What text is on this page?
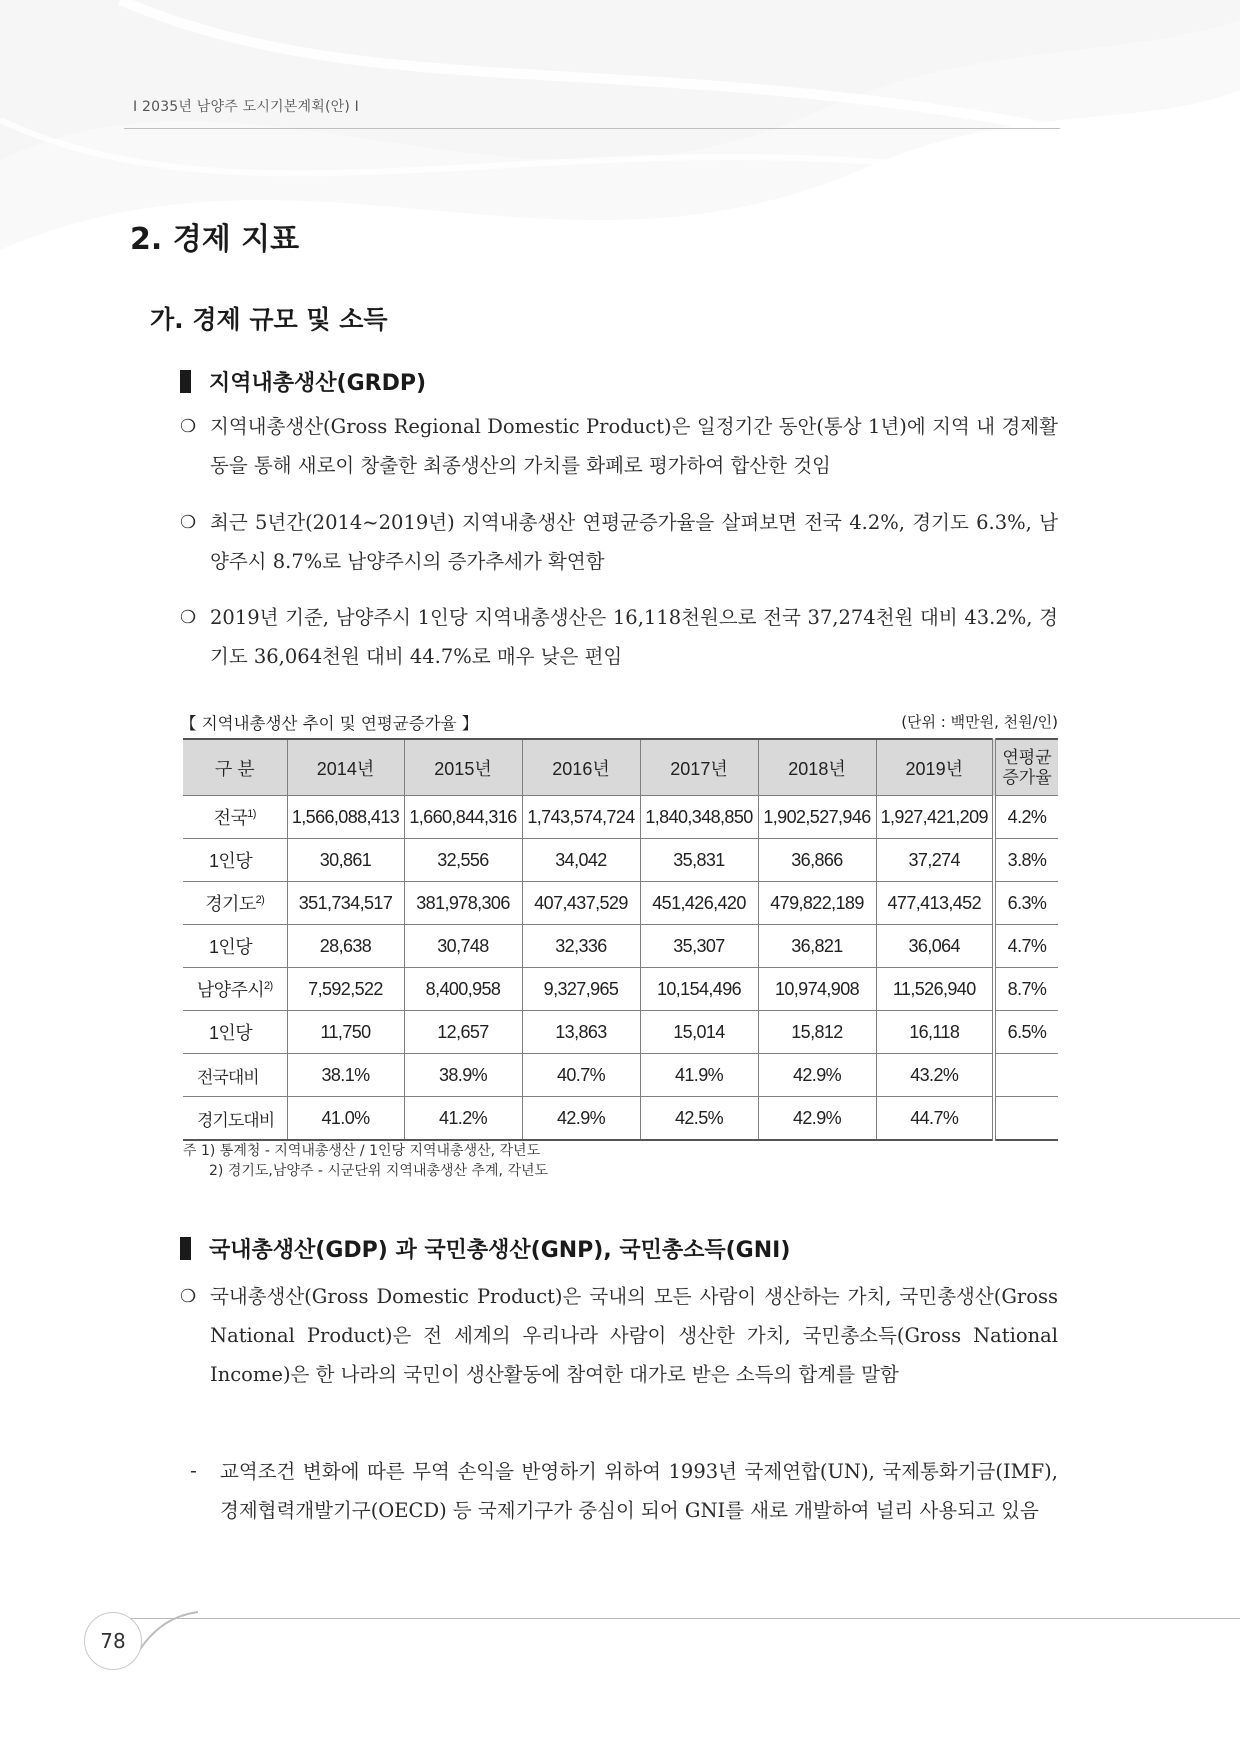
Ⅰ 2035년 남양주 도시기본계획(안) Ⅰ
2. 경제 지표
가. 경제 규모 및 소득
지역내총생산(GRDP)
❍ 지역내총생산(Gross Regional Domestic Product)은 일정기간 동안(통상 1년)에 지역 내 경제활동을 통해 새로이 창출한 최종생산의 가치를 화폐로 평가하여 합산한 것임
❍ 최근 5년간(2014~2019년) 지역내총생산 연평균증가율을 살펴보면 전국 4.2%, 경기도 6.3%, 남양주시 8.7%로 남양주시의 증가추세가 확연함
❍ 2019년 기준, 남양주시 1인당 지역내총생산은 16,118천원으로 전국 37,274천원 대비 43.2%, 경기도 36,064천원 대비 44.7%로 매우 낮은 편임
【 지역내총생산 추이 및 연평균증가율 】	(단위 : 백만원, 천원/인)
구 분	2014년	2015년	2016년	2017년	2018년	2019년	연평균
증가율
전국$^{1)}$	1,566,088,413	1,660,844,316	1,743,574,724	1,840,348,850	1,902,527,946	1,927,421,209	4.2%
1인당	30,861	32,556	34,042	35,831	36,866	37,274	3.8%
경기도$^{2)}$	351,734,517	381,978,306	407,437,529	451,426,420	479,822,189	477,413,452	6.3%
1인당	28,638	30,748	32,336	35,307	36,821	36,064	4.7%
남양주시$^{2)}$	7,592,522	8,400,958	9,327,965	10,154,496	10,974,908	11,526,940	8.7%
1인당	11,750	12,657	13,863	15,014	15,812	16,118	6.5%
전국대비	38.1%	38.9%	40.7%	41.9%	42.9%	43.2%	
경기도대비	41.0%	41.2%	42.9%	42.5%	42.9%	44.7%	
주 1) 통계청 - 지역내총생산 / 1인당 지역내총생산, 각년도
2) 경기도,남양주 - 시군단위 지역내총생산 추계, 각년도
국내총생산(GDP) 과 국민총생산(GNP), 국민총소득(GNI)
❍ 국내총생산(Gross Domestic Product)은 국내의 모든 사람이 생산하는 가치, 국민총생산(Gross National Product)은 전 세계의 우리나라 사람이 생산한 가치, 국민총소득(Gross National Income)은 한 나라의 국민이 생산활동에 참여한 대가로 받은 소득의 합계를 말함
- 교역조건 변화에 따른 무역 손익을 반영하기 위하여 1993년 국제연합(UN), 국제통화기금(IMF), 경제협력개발기구(OECD) 등 국제기구가 중심이 되어 GNI를 새로 개발하여 널리 사용되고 있음
78
